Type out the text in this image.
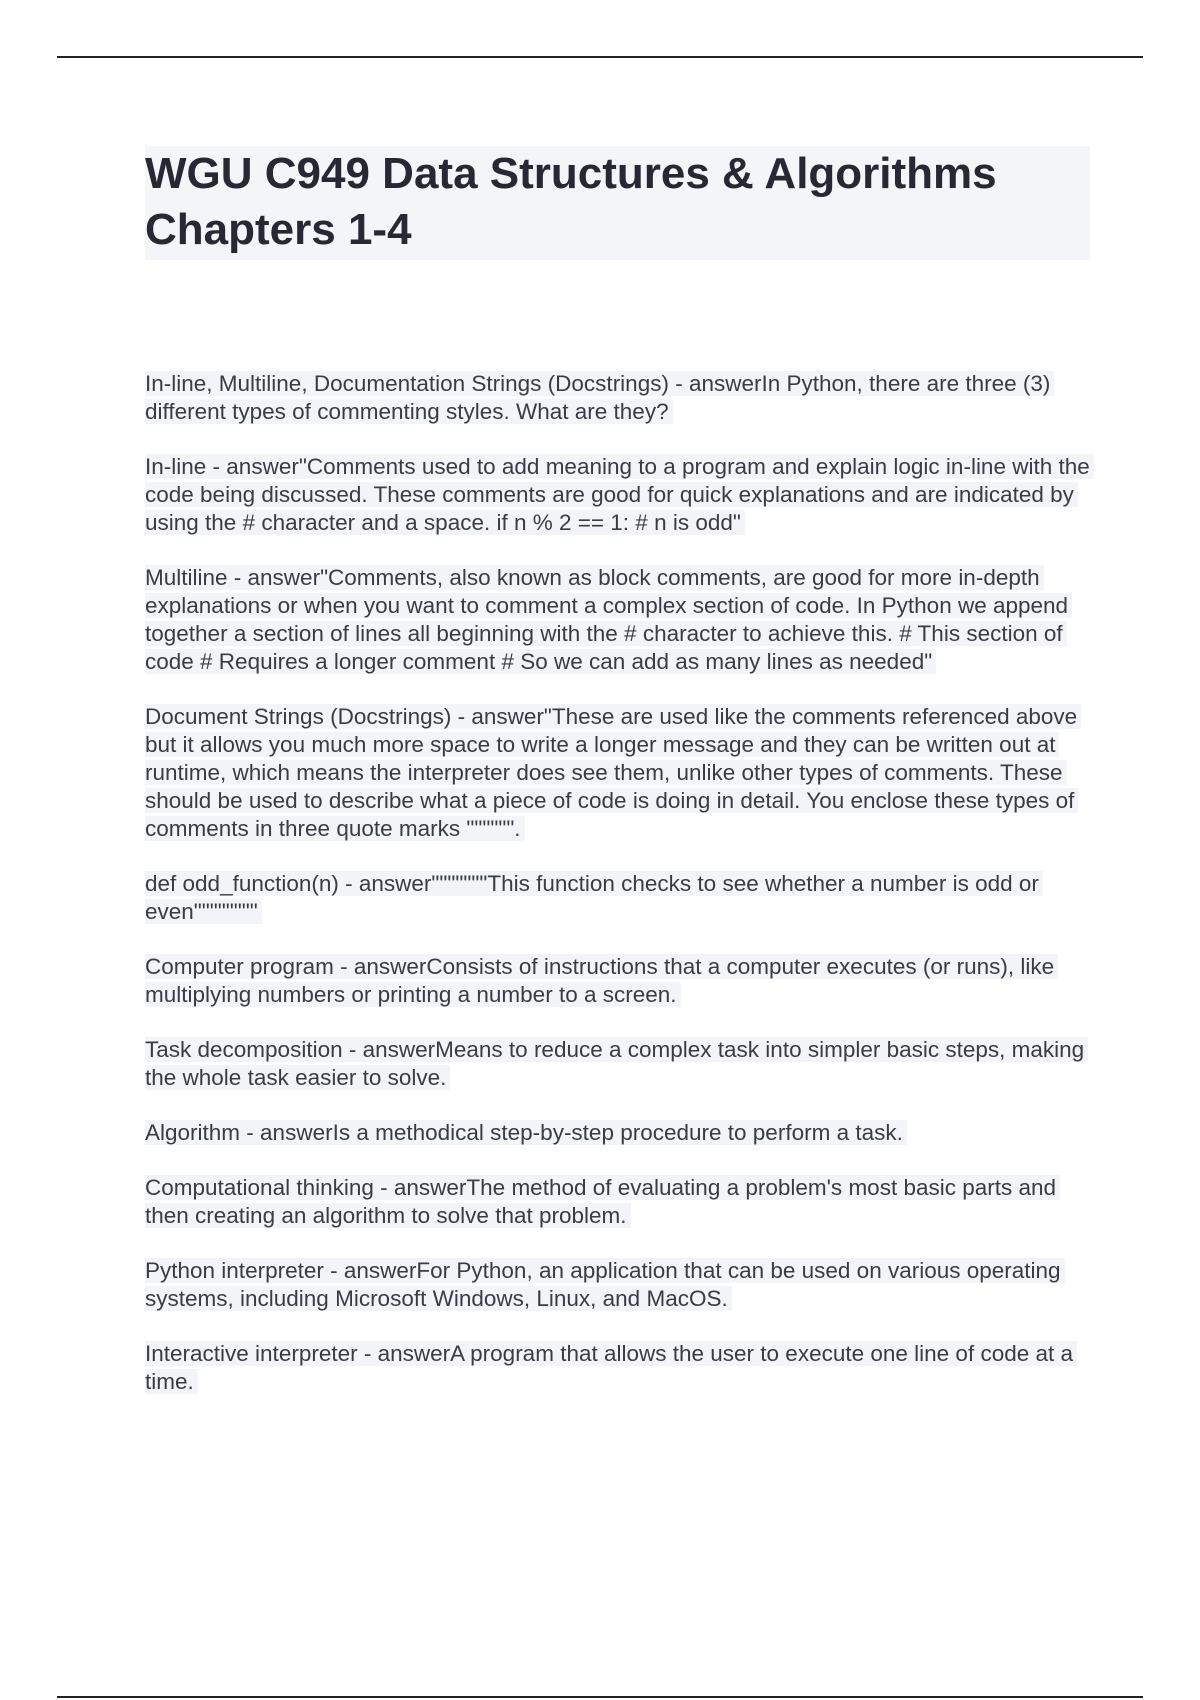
WGU C949 Data Structures & Algorithms Chapters 1-4

In-line, Multiline, Documentation Strings (Docstrings) - answerIn Python, there are three (3) different types of commenting styles. What are they?

In-line - answer"Comments used to add meaning to a program and explain logic in-line with the code being discussed. These comments are good for quick explanations and are indicated by using the # character and a space. if n % 2 == 1: # n is odd"

Multiline - answer"Comments, also known as block comments, are good for more in-depth explanations or when you want to comment a complex section of code. In Python we append together a section of lines all beginning with the # character to achieve this. # This section of code # Requires a longer comment # So we can add as many lines as needed"

Document Strings (Docstrings) - answer"These are used like the comments referenced above but it allows you much more space to write a longer message and they can be written out at runtime, which means the interpreter does see them, unlike other types of comments. These should be used to describe what a piece of code is doing in detail. You enclose these types of comments in three quote marks """""".

def odd_function(n) - answer"""""""This function checks to see whether a number is odd or even""""""""

Computer program - answerConsists of instructions that a computer executes (or runs), like multiplying numbers or printing a number to a screen.

Task decomposition - answerMeans to reduce a complex task into simpler basic steps, making the whole task easier to solve.

Algorithm - answerIs a methodical step-by-step procedure to perform a task.

Computational thinking - answerThe method of evaluating a problem's most basic parts and then creating an algorithm to solve that problem.

Python interpreter - answerFor Python, an application that can be used on various operating systems, including Microsoft Windows, Linux, and MacOS.

Interactive interpreter - answerA program that allows the user to execute one line of code at a time.
